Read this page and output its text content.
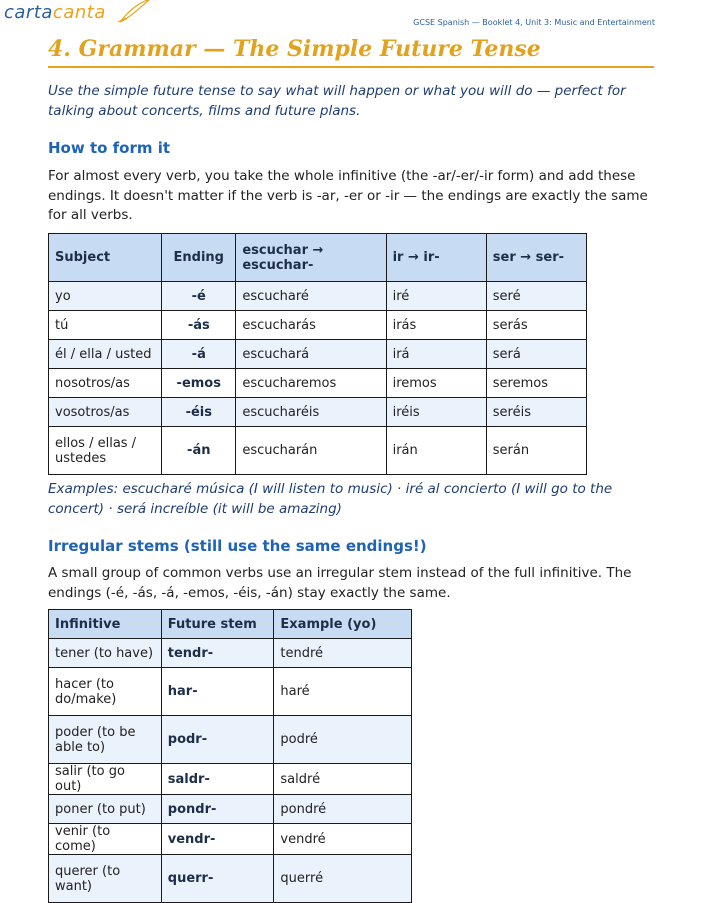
cartacanta	GCSE Spanish — Booklet 4, Unit 3: Music and Entertainment
4. Grammar — The Simple Future Tense

Use the simple future tense to say what will happen or what you will do — perfect for talking about concerts, films and future plans.

How to form it

For almost every verb, you take the whole infinitive (the -ar/-er/-ir form) and add these endings. It doesn't matter if the verb is -ar, -er or -ir — the endings are exactly the same for all verbs.

Subject	Ending	escuchar → escuchar-	ir → ir-	ser → ser-
yo	-é	escucharé	iré	seré
tú	-ás	escucharás	irás	serás
él / ella / usted	-á	escuchará	irá	será
nosotros/as	-emos	escucharemos	iremos	seremos
vosotros/as	-éis	escucharéis	iréis	seréis
ellos / ellas / ustedes	-án	escucharán	irán	serán

Examples: escucharé música (I will listen to music) · iré al concierto (I will go to the concert) · será increíble (it will be amazing)

Irregular stems (still use the same endings!)

A small group of common verbs use an irregular stem instead of the full infinitive. The endings (-é, -ás, -á, -emos, -éis, -án) stay exactly the same.

Infinitive	Future stem	Example (yo)
tener (to have)	tendr-	tendré
hacer (to do/make)	har-	haré
poder (to be able to)	podr-	podré
salir (to go out)	saldr-	saldré
poner (to put)	pondr-	pondré
venir (to come)	vendr-	vendré
querer (to want)	querr-	querré
